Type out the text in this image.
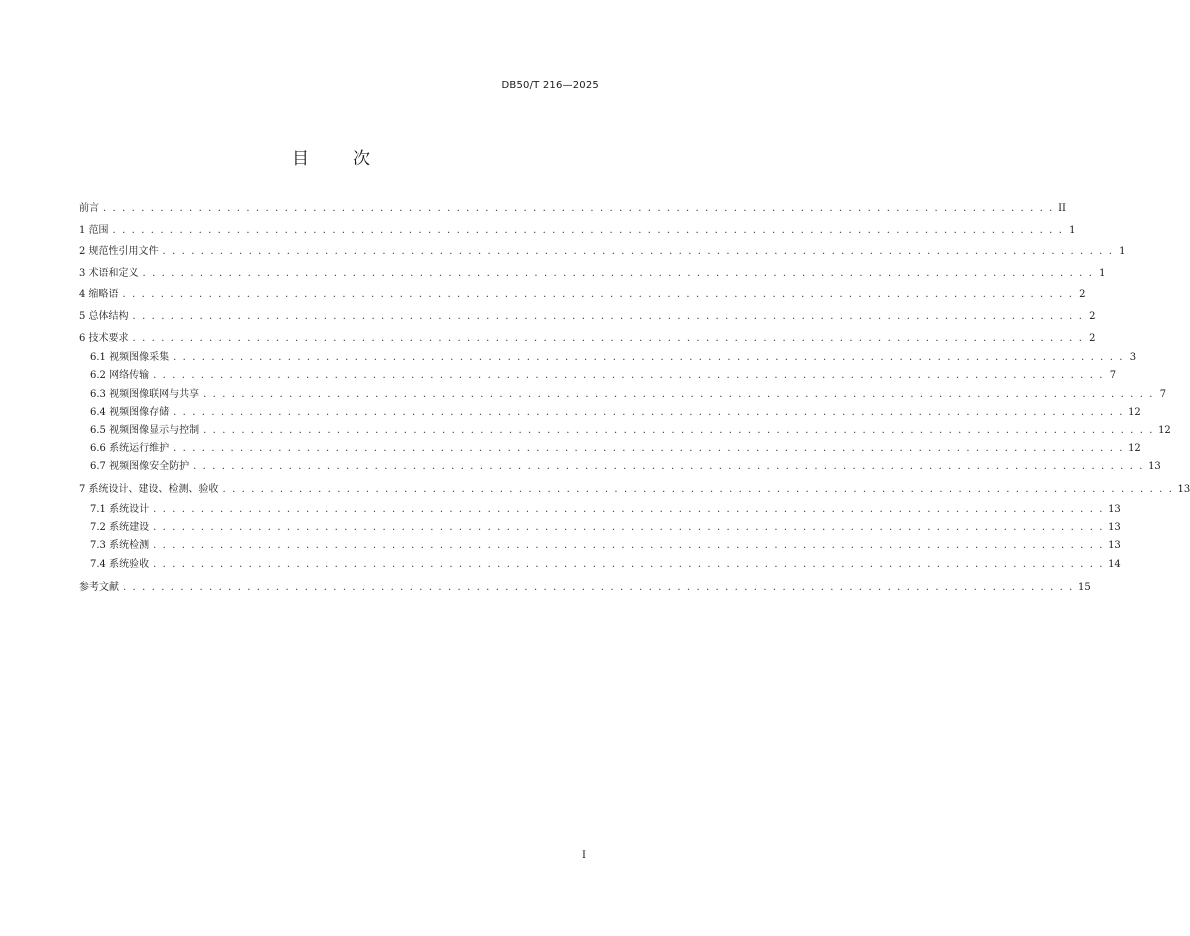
DB50/T 216—2025
目次
前言 . . . . . . . . . . . . . . . . . . . . . . . . . . . . . . . . . . . . . . . . . . . . . . . . . . . . . . . . . . . . . . . . . . . . . . . . . . . . . . . . . . . . . . . . . . . . . . . . . . . . II
1 范围 . . . . . . . . . . . . . . . . . . . . . . . . . . . . . . . . . . . . . . . . . . . . . . . . . . . . . . . . . . . . . . . . . . . . . . . . . . . . . . . . . . . . . . . . . . . . . . . . . . . . 1
2 规范性引用文件 . . . . . . . . . . . . . . . . . . . . . . . . . . . . . . . . . . . . . . . . . . . . . . . . . . . . . . . . . . . . . . . . . . . . . . . . . . . . . . . . . . . . . . . . . . . . . . . . . . . . 1
3 术语和定义 . . . . . . . . . . . . . . . . . . . . . . . . . . . . . . . . . . . . . . . . . . . . . . . . . . . . . . . . . . . . . . . . . . . . . . . . . . . . . . . . . . . . . . . . . . . . . . . . . . . . 1
4 缩略语 . . . . . . . . . . . . . . . . . . . . . . . . . . . . . . . . . . . . . . . . . . . . . . . . . . . . . . . . . . . . . . . . . . . . . . . . . . . . . . . . . . . . . . . . . . . . . . . . . . . . 2
5 总体结构 . . . . . . . . . . . . . . . . . . . . . . . . . . . . . . . . . . . . . . . . . . . . . . . . . . . . . . . . . . . . . . . . . . . . . . . . . . . . . . . . . . . . . . . . . . . . . . . . . . . . 2
6 技术要求 . . . . . . . . . . . . . . . . . . . . . . . . . . . . . . . . . . . . . . . . . . . . . . . . . . . . . . . . . . . . . . . . . . . . . . . . . . . . . . . . . . . . . . . . . . . . . . . . . . . . 2
6.1 视频图像采集 . . . . . . . . . . . . . . . . . . . . . . . . . . . . . . . . . . . . . . . . . . . . . . . . . . . . . . . . . . . . . . . . . . . . . . . . . . . . . . . . . . . . . . . . . . . . . . . . . . . . 3
6.2 网络传输 . . . . . . . . . . . . . . . . . . . . . . . . . . . . . . . . . . . . . . . . . . . . . . . . . . . . . . . . . . . . . . . . . . . . . . . . . . . . . . . . . . . . . . . . . . . . . . . . . . . . 7
6.3 视频图像联网与共享 . . . . . . . . . . . . . . . . . . . . . . . . . . . . . . . . . . . . . . . . . . . . . . . . . . . . . . . . . . . . . . . . . . . . . . . . . . . . . . . . . . . . . . . . . . . . . . . . . . . . 7
6.4 视频图像存储 . . . . . . . . . . . . . . . . . . . . . . . . . . . . . . . . . . . . . . . . . . . . . . . . . . . . . . . . . . . . . . . . . . . . . . . . . . . . . . . . . . . . . . . . . . . . . . . . . . . . 12
6.5 视频图像显示与控制 . . . . . . . . . . . . . . . . . . . . . . . . . . . . . . . . . . . . . . . . . . . . . . . . . . . . . . . . . . . . . . . . . . . . . . . . . . . . . . . . . . . . . . . . . . . . . . . . . . . . 12
6.6 系统运行维护 . . . . . . . . . . . . . . . . . . . . . . . . . . . . . . . . . . . . . . . . . . . . . . . . . . . . . . . . . . . . . . . . . . . . . . . . . . . . . . . . . . . . . . . . . . . . . . . . . . . . 12
6.7 视频图像安全防护 . . . . . . . . . . . . . . . . . . . . . . . . . . . . . . . . . . . . . . . . . . . . . . . . . . . . . . . . . . . . . . . . . . . . . . . . . . . . . . . . . . . . . . . . . . . . . . . . . . . . 13
7 系统设计、建设、检测、验收 . . . . . . . . . . . . . . . . . . . . . . . . . . . . . . . . . . . . . . . . . . . . . . . . . . . . . . . . . . . . . . . . . . . . . . . . . . . . . . . . . . . . . . . . . . . . . . . . . . . . 13
7.1 系统设计 . . . . . . . . . . . . . . . . . . . . . . . . . . . . . . . . . . . . . . . . . . . . . . . . . . . . . . . . . . . . . . . . . . . . . . . . . . . . . . . . . . . . . . . . . . . . . . . . . . . . 13
7.2 系统建设 . . . . . . . . . . . . . . . . . . . . . . . . . . . . . . . . . . . . . . . . . . . . . . . . . . . . . . . . . . . . . . . . . . . . . . . . . . . . . . . . . . . . . . . . . . . . . . . . . . . . 13
7.3 系统检测 . . . . . . . . . . . . . . . . . . . . . . . . . . . . . . . . . . . . . . . . . . . . . . . . . . . . . . . . . . . . . . . . . . . . . . . . . . . . . . . . . . . . . . . . . . . . . . . . . . . . 13
7.4 系统验收 . . . . . . . . . . . . . . . . . . . . . . . . . . . . . . . . . . . . . . . . . . . . . . . . . . . . . . . . . . . . . . . . . . . . . . . . . . . . . . . . . . . . . . . . . . . . . . . . . . . . 14
参考文献 . . . . . . . . . . . . . . . . . . . . . . . . . . . . . . . . . . . . . . . . . . . . . . . . . . . . . . . . . . . . . . . . . . . . . . . . . . . . . . . . . . . . . . . . . . . . . . . . . . . . 15
I
